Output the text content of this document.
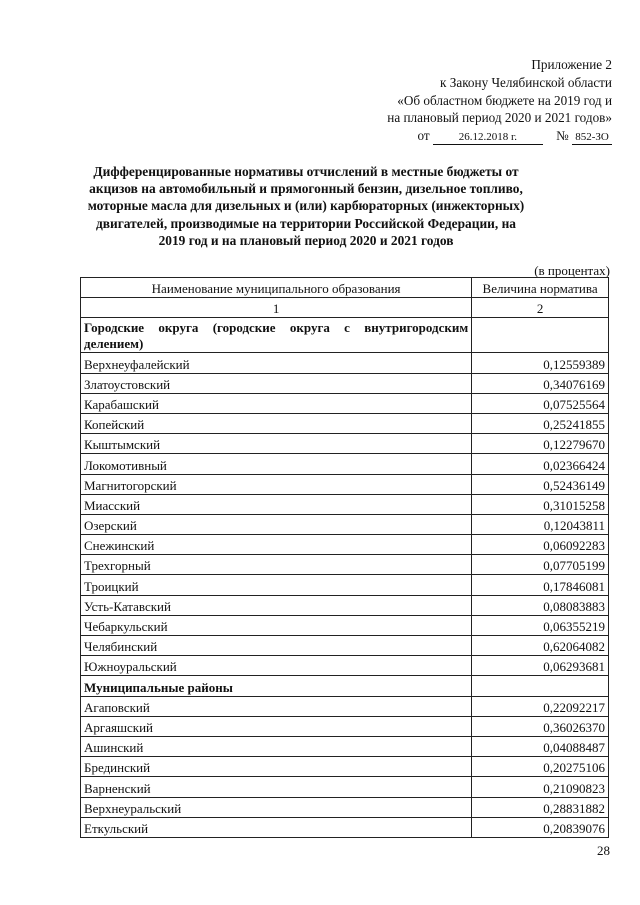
Приложение 2
к Закону Челябинской области
«Об областном бюджете на 2019 год и
на плановый период 2020 и 2021 годов»
от	26.12.2018 г.	№ 852-ЗО
Дифференцированные нормативы отчислений в местные бюджеты от акцизов на автомобильный и прямогонный бензин, дизельное топливо, моторные масла для дизельных и (или) карбюраторных (инжекторных) двигателей, производимые на территории Российской Федерации, на 2019 год и на плановый период 2020 и 2021 годов
(в процентах)
Наименование муниципального образования	Величина норматива
1	2
Городские округа (городские округа с внутригородским делением)	
Верхнеуфалейский	0,12559389
Златоустовский	0,34076169
Карабашский	0,07525564
Копейский	0,25241855
Кыштымский	0,12279670
Локомотивный	0,02366424
Магнитогорский	0,52436149
Миасский	0,31015258
Озерский	0,12043811
Снежинский	0,06092283
Трехгорный	0,07705199
Троицкий	0,17846081
Усть-Катавский	0,08083883
Чебаркульский	0,06355219
Челябинский	0,62064082
Южноуральский	0,06293681
Муниципальные районы	
Агаповский	0,22092217
Аргаяшский	0,36026370
Ашинский	0,04088487
Брединский	0,20275106
Варненский	0,21090823
Верхнеуральский	0,28831882
Еткульский	0,20839076
28
